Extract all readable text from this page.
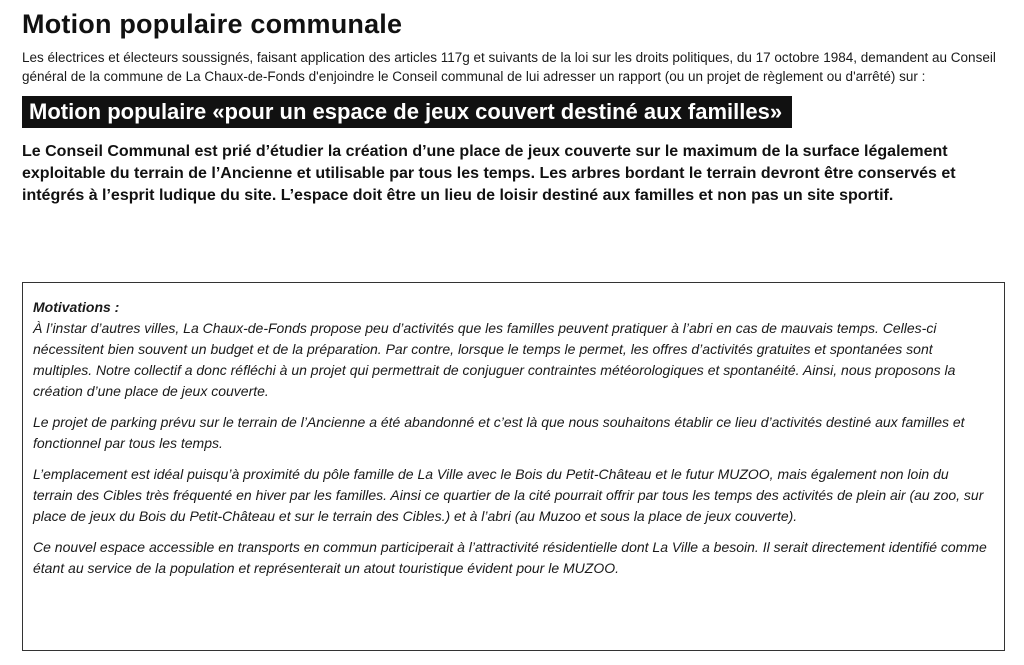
Motion populaire communale
Les électrices et électeurs soussignés, faisant application des articles 117g et suivants de la loi sur les droits politiques, du 17 octobre 1984, demandent au Conseil général de la commune de La Chaux-de-Fonds d'enjoindre le Conseil communal de lui adresser un rapport (ou un projet de règlement ou d'arrêté) sur :
Motion populaire «pour un espace de jeux couvert destiné aux familles»
Le Conseil Communal est prié d’étudier la création d’une place de jeux couverte sur le maximum de la surface légalement exploitable du terrain de l’Ancienne et utilisable par tous les temps. Les arbres bordant le terrain devront être conservés et intégrés à l’esprit ludique du site. L’espace doit être un lieu de loisir destiné aux familles et non pas un site sportif.

Motivations :

À l’instar d’autres villes, La Chaux-de-Fonds propose peu d’activités que les familles peuvent pratiquer à l’abri en cas de mauvais temps. Celles-ci nécessitent bien souvent un budget et de la préparation. Par contre, lorsque le temps le permet, les offres d’activités gratuites et spontanées sont multiples. Notre collectif a donc réfléchi à un projet qui permettrait de conjuguer contraintes météorologiques et spontanéité. Ainsi, nous proposons la création d’une place de jeux couverte.

Le projet de parking prévu sur le terrain de l’Ancienne a été abandonné et c’est là que nous souhaitons établir ce lieu d’activités destiné aux familles et fonctionnel par tous les temps.

L’emplacement est idéal puisqu’à proximité du pôle famille de La Ville avec le Bois du Petit-Château et le futur MUZOO, mais également non loin du terrain des Cibles très fréquenté en hiver par les familles. Ainsi ce quartier de la cité pourrait offrir par tous les temps des activités de plein air (au zoo, sur place de jeux du Bois du Petit-Château et sur le terrain des Cibles.) et à l’abri (au Muzoo et sous la place de jeux couverte).

Ce nouvel espace accessible en transports en commun participerait à l’attractivité résidentielle dont La Ville a besoin. Il serait directement identifié comme étant au service de la population et représenterait un atout touristique évident pour le MUZOO.
